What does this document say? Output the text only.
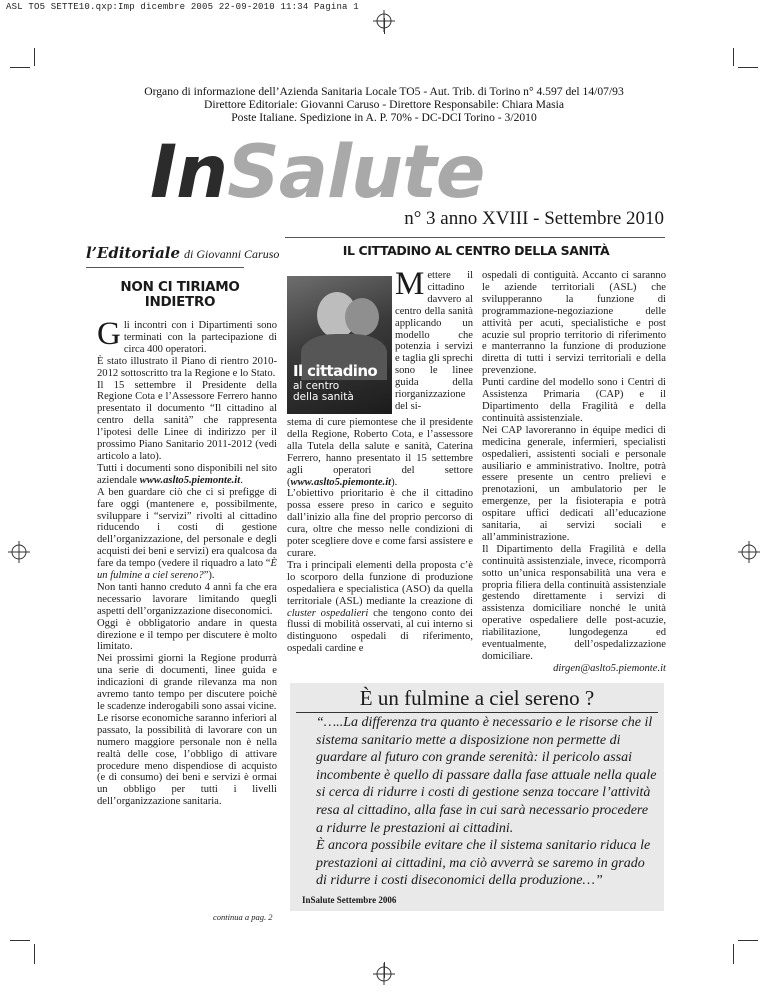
ASL TO5 SETTE10.qxp:Imp dicembre 2005 22-09-2010 11:34 Pagina 1
Organo di informazione dell’Azienda Sanitaria Locale TO5 - Aut. Trib. di Torino n° 4.597 del 14/07/93
Direttore Editoriale: Giovanni Caruso - Direttore Responsabile: Chiara Masia
Poste Italiane. Spedizione in A. P. 70% - DC-DCI Torino - 3/2010
InSalute
n° 3 anno XVIII - Settembre 2010
l’Editoriale di Giovanni Caruso
NON CI TIRIAMO INDIETRO

Gli incontri con i Dipartimenti sono terminati con la partecipazione di circa 400 operatori.

È stato illustrato il Piano di rientro 2010-2012 sottoscritto tra la Regione e lo Stato.

Il 15 settembre il Presidente della Regione Cota e l’Assessore Ferrero hanno presentato il documento “Il cittadino al centro della sanità” che rappresenta l’ipotesi delle Linee di indirizzo per il prossimo Piano Sanitario 2011-2012 (vedi articolo a lato).

Tutti i documenti sono disponibili nel sito aziendale www.aslto5.piemonte.it.

A ben guardare ciò che ci si prefigge di fare oggi (mantenere e, possibilmente, sviluppare i “servizi” rivolti al cittadino riducendo i costi di gestione dell’organizzazione, del personale e degli acquisti dei beni e servizi) era qualcosa da fare da tempo (vedere il riquadro a lato “È un fulmine a ciel sereno?”).

Non tanti hanno creduto 4 anni fa che era necessario lavorare limitando quegli aspetti dell’organizzazione diseconomici.

Oggi è obbligatorio andare in questa direzione e il tempo per discutere è molto limitato.

Nei prossimi giorni la Regione produrrà una serie di documenti, linee guida e indicazioni di grande rilevanza ma non avremo tanto tempo per discutere poichè le scadenze inderogabili sono assai vicine.

Le risorse economiche saranno inferiori al passato, la possibilità di lavorare con un numero maggiore personale non è nella realtà delle cose, l’obbligo di attivare procedure meno dispendiose di acquisto (e di consumo) dei beni e servizi è ormai un obbligo per tutti i livelli dell’organizzazione sanitaria.

continua a pag. 2
IL CITTADINO AL CENTRO DELLA SANITÀ
Il cittadino
al centro
della sanità

Mettere il cittadino davvero al centro della sanità applicando un modello che potenzia i servizi e taglia gli sprechi sono le linee guida della riorganizzazione del si-

stema di cure piemontese che il presidente della Regione, Roberto Cota, e l’assessore alla Tutela della salute e sanità, Caterina Ferrero, hanno presentato il 15 settembre agli operatori del settore (www.aslto5.piemonte.it).

L’obiettivo prioritario è che il cittadino possa essere preso in carico e seguito dall’inizio alla fine del proprio percorso di cura, oltre che messo nelle condizioni di poter scegliere dove e come farsi assistere e curare.

Tra i principali elementi della proposta c’è lo scorporo della funzione di produzione ospedaliera e specialistica (ASO) da quella territoriale (ASL) mediante la creazione di cluster ospedalieri che tengono conto dei flussi di mobilità osservati, al cui interno si distinguono ospedali di riferimento, ospedali cardine e

ospedali di contiguità. Accanto ci saranno le aziende territoriali (ASL) che svilupperanno la funzione di programmazione-negoziazione delle attività per acuti, specialistiche e post acuzie sul proprio territorio di riferimento e manterranno la funzione di produzione diretta di tutti i servizi territoriali e della prevenzione.

Punti cardine del modello sono i Centri di Assistenza Primaria (CAP) e il Dipartimento della Fragilità e della continuità assistenziale.

Nei CAP lavoreranno in équipe medici di medicina generale, infermieri, specialisti ospedalieri, assistenti sociali e personale ausiliario e amministrativo. Inoltre, potrà essere presente un centro prelievi e prenotazioni, un ambulatorio per le emergenze, per la fisioterapia e potrà ospitare uffici dedicati all’educazione sanitaria, ai servizi sociali e all’amministrazione.

Il Dipartimento della Fragilità e della continuità assistenziale, invece, ricomporrà sotto un’unica responsabilità una vera e propria filiera della continuità assistenziale gestendo direttamente i servizi di assistenza domiciliare nonché le unità operative ospedaliere delle post-acuzie, riabilitazione, lungodegenza ed eventualmente, dell’ospedalizzazione domiciliare.

dirgen@aslto5.piemonte.it
È un fulmine a ciel sereno ?

“…..La differenza tra quanto è necessario e le risorse che il sistema sanitario mette a disposizione non permette di guardare al futuro con grande serenità: il pericolo assai incombente è quello di passare dalla fase attuale nella quale si cerca di ridurre i costi di gestione senza toccare l’attività resa al cittadino, alla fase in cui sarà necessario procedere a ridurre le prestazioni ai cittadini.

È ancora possibile evitare che il sistema sanitario riduca le prestazioni ai cittadini, ma ciò avverrà se saremo in grado di ridurre i costi diseconomici della produzione…”

InSalute Settembre 2006
